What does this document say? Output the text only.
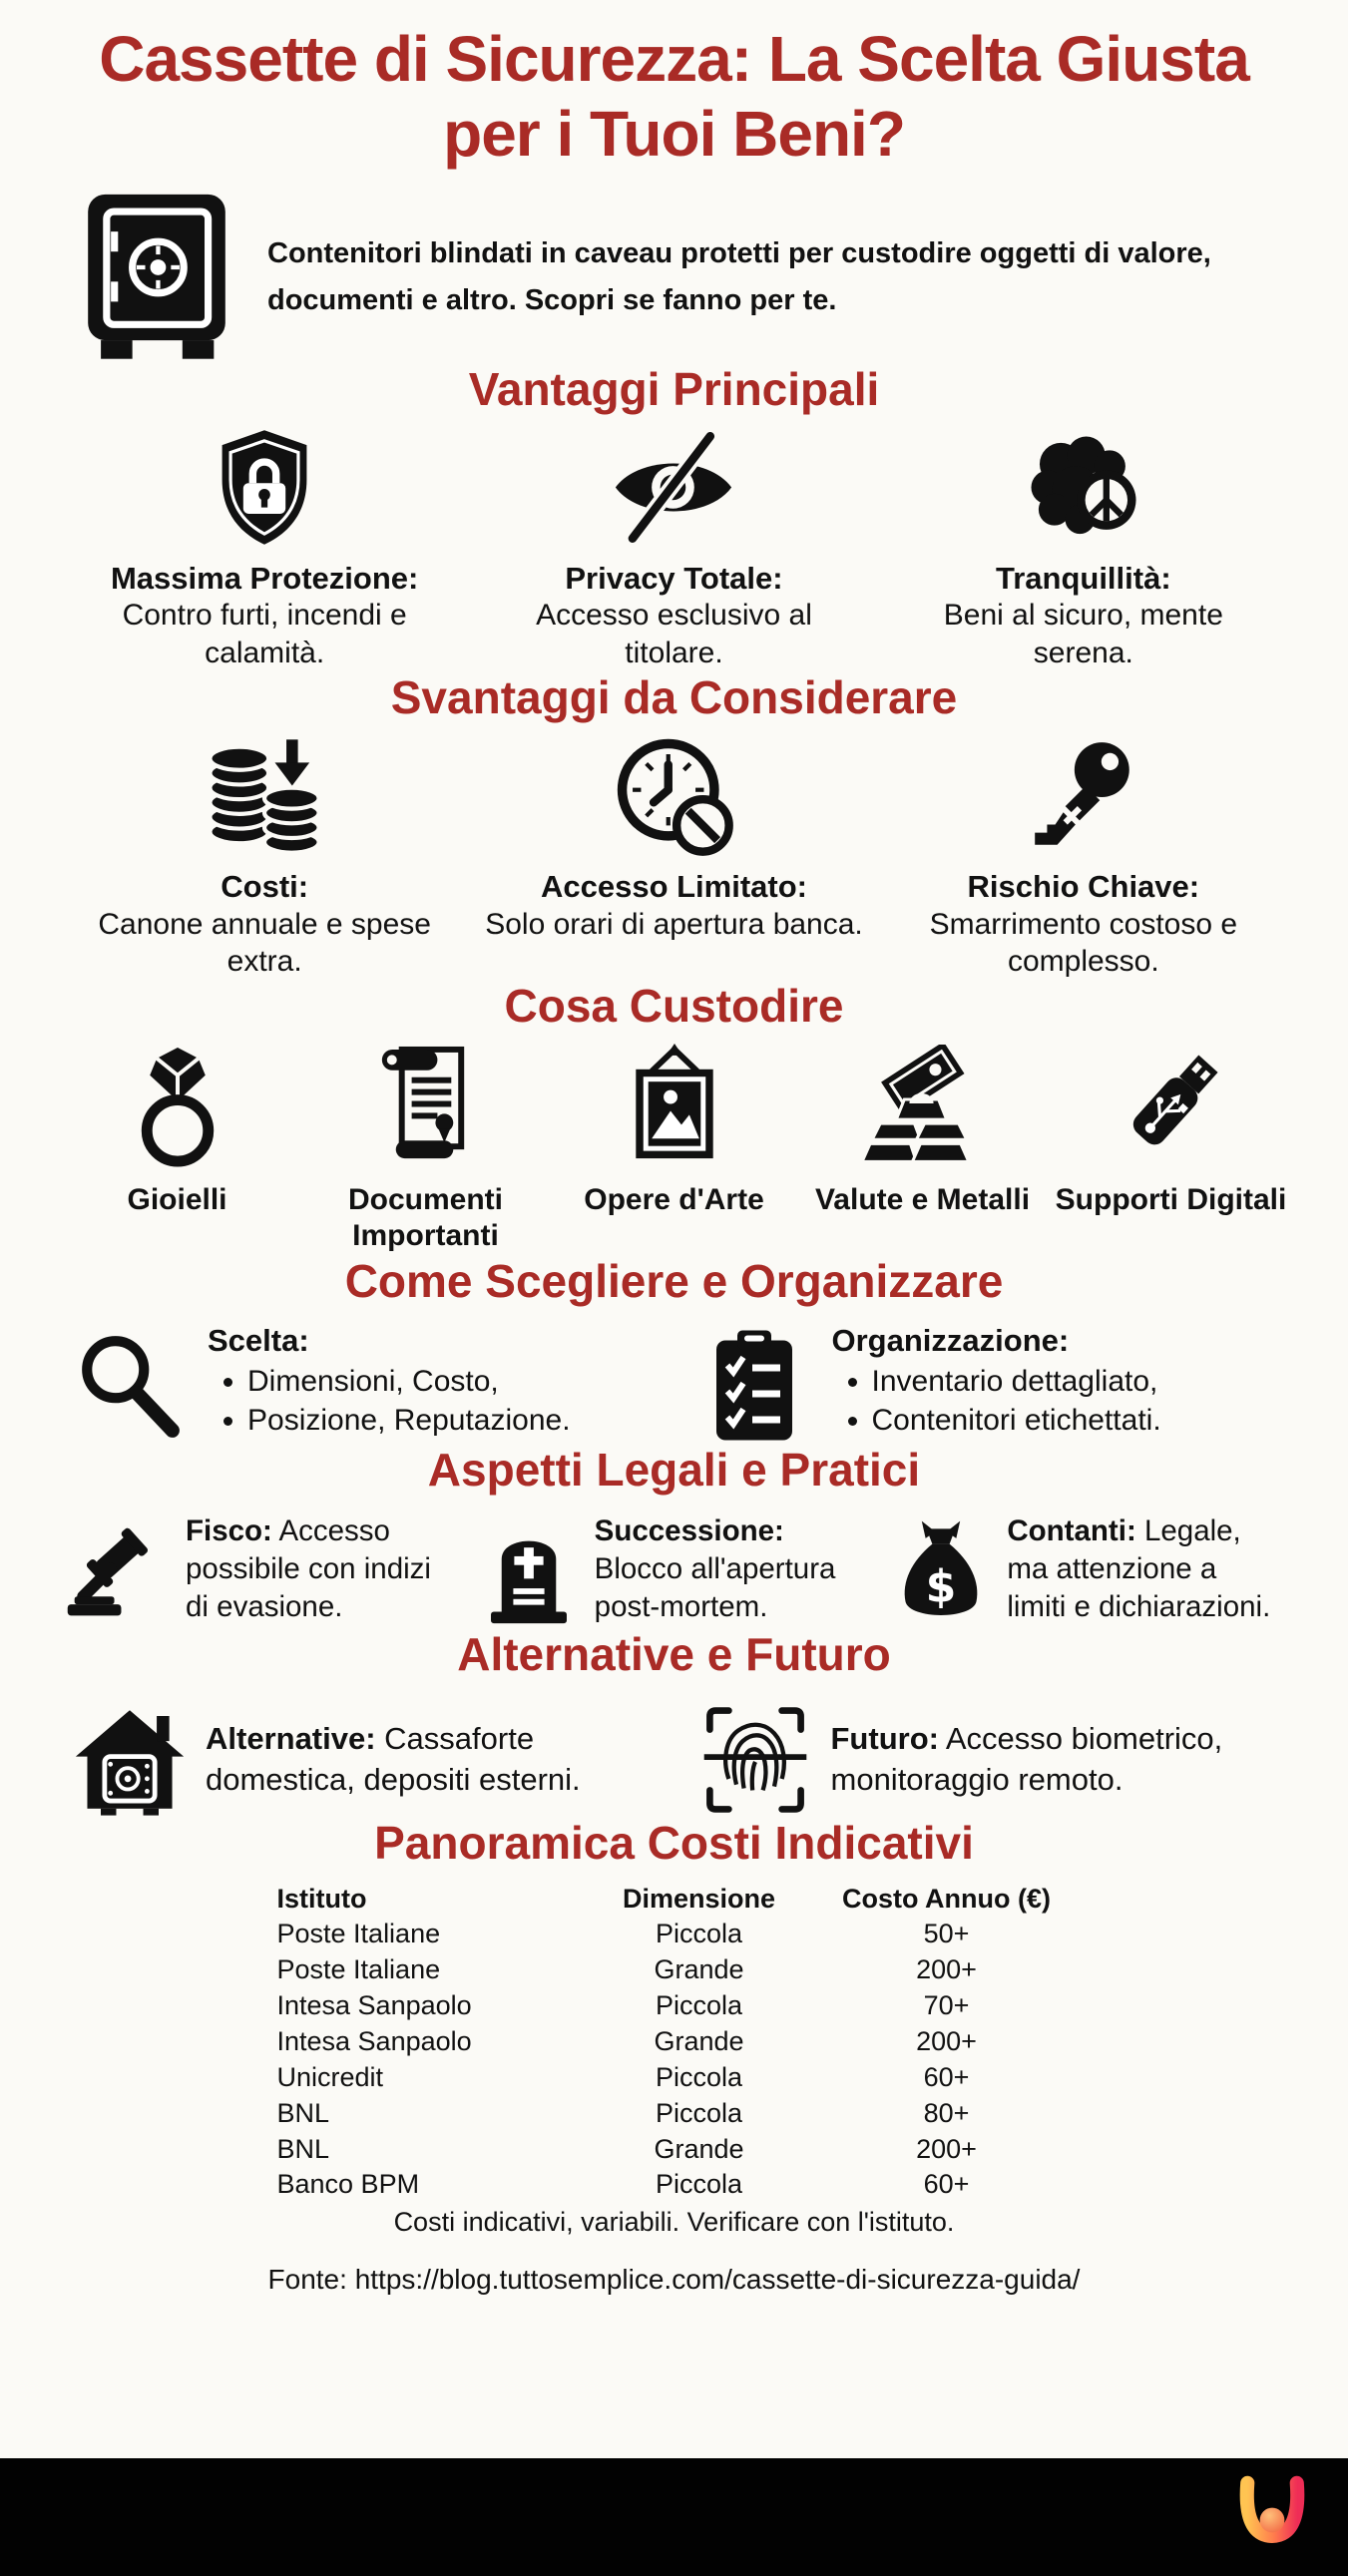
Cassette di Sicurezza: La Scelta Giusta per i Tuoi Beni?

Contenitori blindati in caveau protetti per custodire oggetti di valore, documenti e altro. Scopri se fanno per te.

Vantaggi Principali
Massima Protezione:
Contro furti, incendi e calamità.
Privacy Totale:
Accesso esclusivo al titolare.
Tranquillità:
Beni al sicuro, mente serena.
Svantaggi da Considerare
Costi:
Canone annuale e spese extra.
Accesso Limitato:
Solo orari di apertura banca.
Rischio Chiave:
Smarrimento costoso e complesso.
Cosa Custodire
Gioielli	Documenti Importanti
Opere d'Arte	Valute e Metalli Supporti Digitali
Come Scegliere e Organizzare
Scelta:
• Dimensioni, Costo,
• Posizione, Reputazione.
Organizzazione:
• Inventario dettagliato,
• Contenitori etichettati.
Aspetti Legali e Pratici

Fisco: Accesso possibile con indizi di evasione.

Successione: Blocco all'apertura post-mortem.	$

Contanti: Legale, ma attenzione a limiti e dichiarazioni.

Alternative e Futuro

Alternative: Cassaforte domestica, depositi esterni.

Futuro: Accesso biometrico, monitoraggio remoto.

Panoramica Costi Indicativi
Istituto	Dimensione	Costo Annuo (€)
Poste Italiane	Piccola	50+
Poste Italiane	Grande	200+
Intesa Sanpaolo	Piccola	70+
Intesa Sanpaolo	Grande	200+
Unicredit	Piccola	60+
BNL	Piccola	80+
BNL	Grande	200+
Banco BPM	Piccola	60+
Costi indicativi, variabili. Verificare con l'istituto.
Fonte: https://blog.tuttosemplice.com/cassette-di-sicurezza-guida/
